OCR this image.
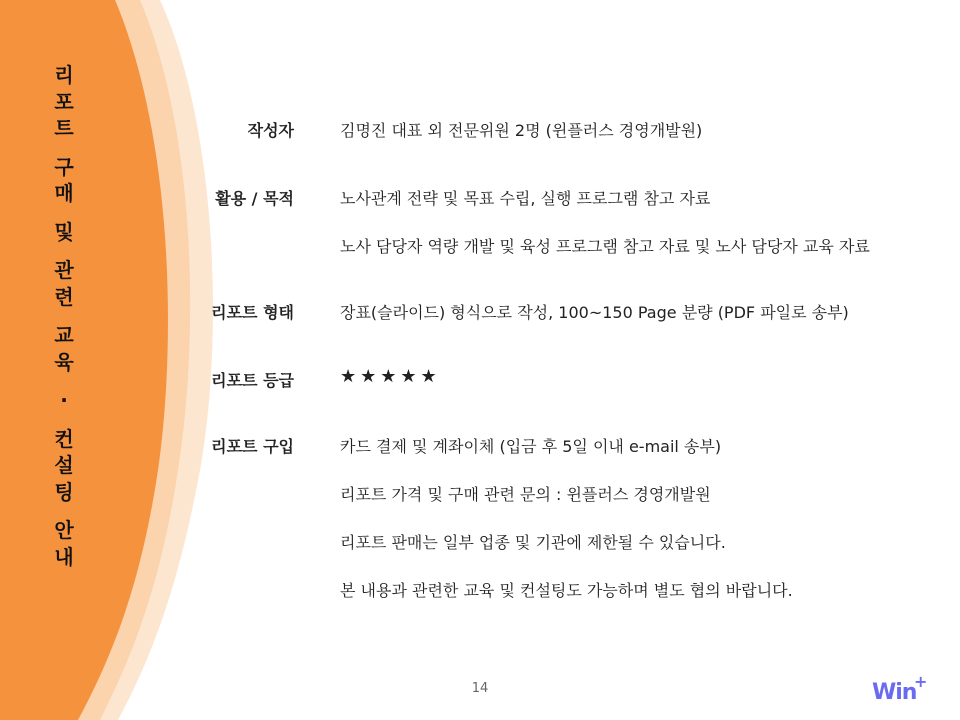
리
포
트
구
매
및
관
련
교
육
·
컨
설
팅
안
내
작성자	김명진 대표 외 전문위원 2명 (윈플러스 경영개발원)
활용 / 목적	노사관계 전략 및 목표 수립, 실행 프로그램 참고 자료
노사 담당자 역량 개발 및 육성 프로그램 참고 자료 및 노사 담당자 교육 자료
리포트 형태	장표(슬라이드) 형식으로 작성, 100~150 Page 분량 (PDF 파일로 송부)
리포트 등급	★★★★★
리포트 구입	카드 결제 및 계좌이체 (입금 후 5일 이내 e-mail 송부)
리포트 가격 및 구매 관련 문의 : 윈플러스 경영개발원
리포트 판매는 일부 업종 및 기관에 제한될 수 있습니다.
본 내용과 관련한 교육 및 컨설팅도 가능하며 별도 협의 바랍니다.
14	Win
+
